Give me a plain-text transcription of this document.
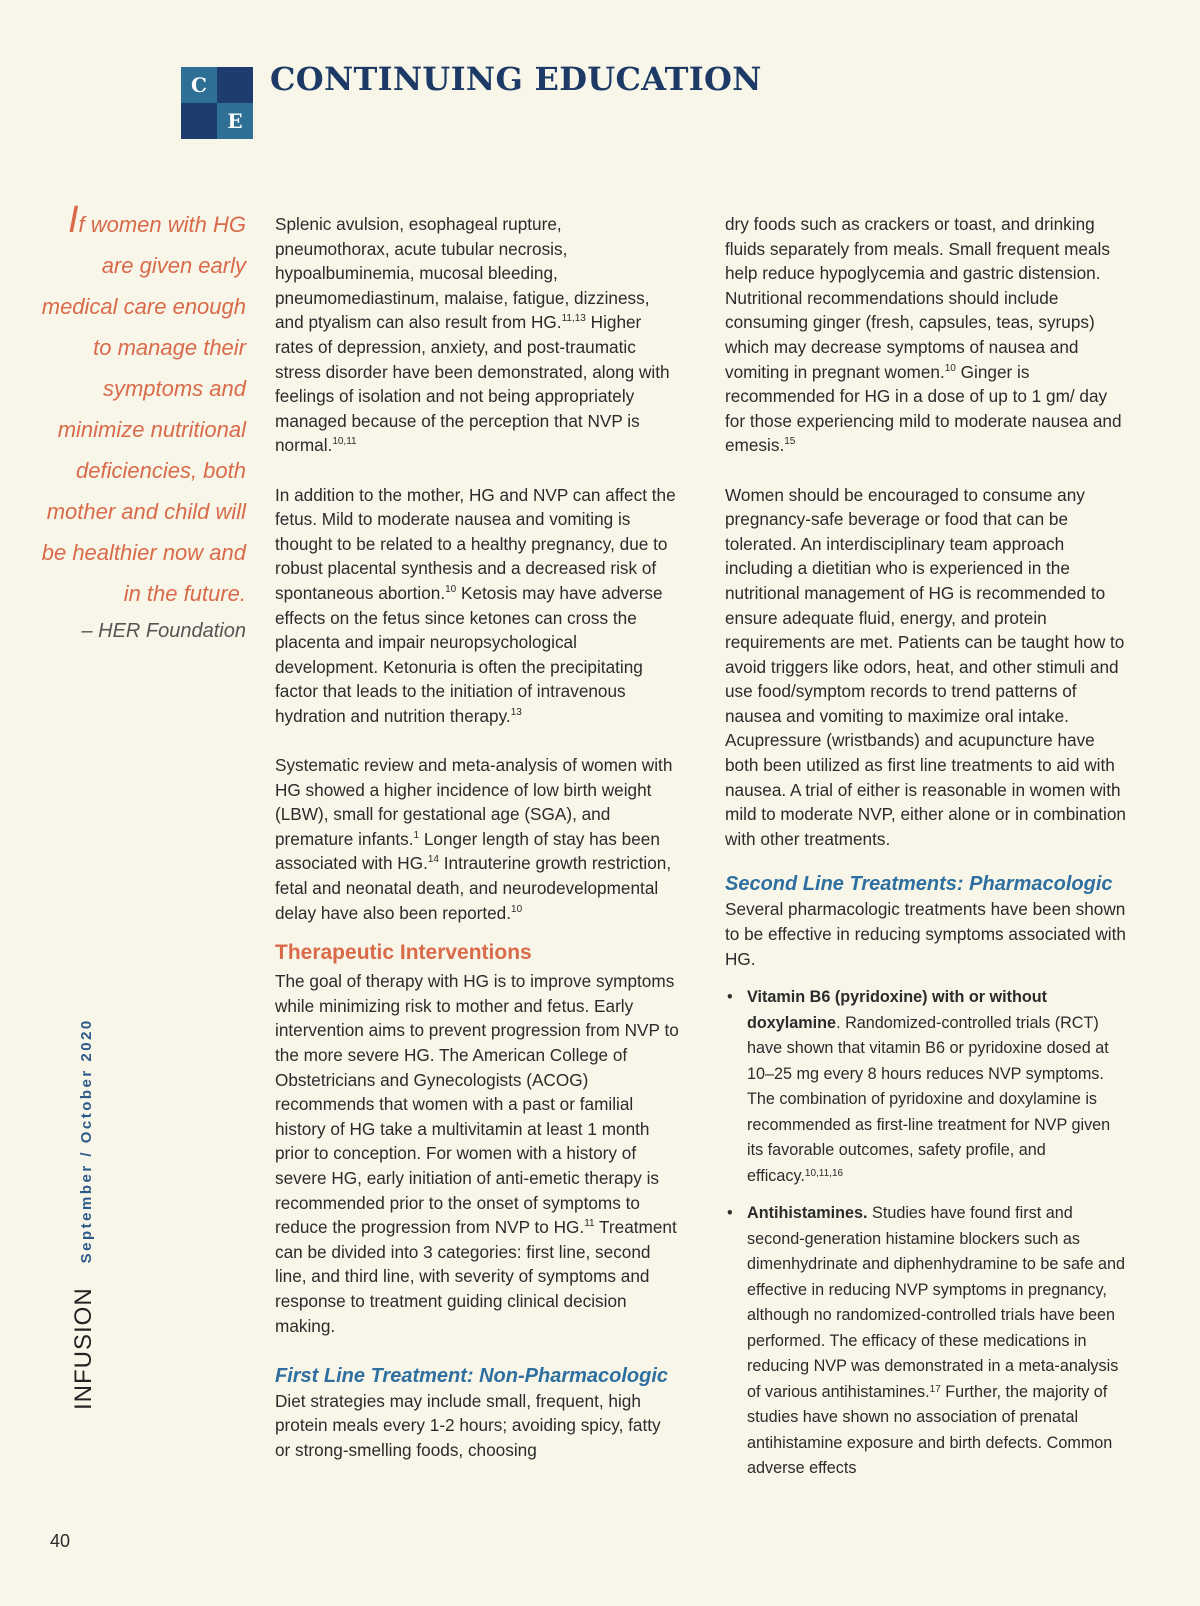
C
E
CONTINUING EDUCATION

If women with HG are given early medical care enough to manage their symptoms and minimize nutritional deficiencies, both mother and child will be healthier now and in the future.

– HER Foundation

Splenic avulsion, esophageal rupture, pneumothorax, acute tubular necrosis, hypoalbuminemia, mucosal bleeding, pneumomediastinum, malaise, fatigue, dizziness, and ptyalism can also result from HG.$^{11,13}$ Higher rates of depression, anxiety, and post-traumatic stress disorder have been demonstrated, along with feelings of isolation and not being appropriately managed because of the perception that NVP is normal.$^{10,11}$

In addition to the mother, HG and NVP can affect the fetus. Mild to moderate nausea and vomiting is thought to be related to a healthy pregnancy, due to robust placental synthesis and a decreased risk of spontaneous abortion.$^{10}$ Ketosis may have adverse effects on the fetus since ketones can cross the placenta and impair neuropsychological development. Ketonuria is often the precipitating factor that leads to the initiation of intravenous hydration and nutrition therapy.$^{13}$

Systematic review and meta-analysis of women with HG showed a higher incidence of low birth weight (LBW), small for gestational age (SGA), and premature infants.$^1$ Longer length of stay has been associated with HG.$^{14}$ Intrauterine growth restriction, fetal and neonatal death, and neurodevelopmental delay have also been reported.$^{10}$

Therapeutic Interventions

The goal of therapy with HG is to improve symptoms while minimizing risk to mother and fetus. Early intervention aims to prevent progression from NVP to the more severe HG. The American College of Obstetricians and Gynecologists (ACOG) recommends that women with a past or familial history of HG take a multivitamin at least 1 month prior to conception. For women with a history of severe HG, early initiation of anti-emetic therapy is recommended prior to the onset of symptoms to reduce the progression from NVP to HG.$^{11}$ Treatment can be divided into 3 categories: first line, second line, and third line, with severity of symptoms and response to treatment guiding clinical decision making.

First Line Treatment: Non-Pharmacologic

Diet strategies may include small, frequent, high protein meals every 1-2 hours; avoiding spicy, fatty or strong-smelling foods, choosing

dry foods such as crackers or toast, and drinking fluids separately from meals. Small frequent meals help reduce hypoglycemia and gastric distension. Nutritional recommendations should include consuming ginger (fresh, capsules, teas, syrups) which may decrease symptoms of nausea and vomiting in pregnant women.$^{10}$ Ginger is recommended for HG in a dose of up to 1 gm/ day for those experiencing mild to moderate nausea and emesis.$^{15}$

Women should be encouraged to consume any pregnancy-safe beverage or food that can be tolerated. An interdisciplinary team approach including a dietitian who is experienced in the nutritional management of HG is recommended to ensure adequate fluid, energy, and protein requirements are met. Patients can be taught how to avoid triggers like odors, heat, and other stimuli and use food/symptom records to trend patterns of nausea and vomiting to maximize oral intake. Acupressure (wristbands) and acupuncture have both been utilized as first line treatments to aid with nausea. A trial of either is reasonable in women with mild to moderate NVP, either alone or in combination with other treatments.

Second Line Treatments: Pharmacologic

Several pharmacologic treatments have been shown to be effective in reducing symptoms associated with HG.

• Vitamin B6 (pyridoxine) with or without doxylamine. Randomized-controlled trials (RCT) have shown that vitamin B6 or pyridoxine dosed at 10–25 mg every 8 hours reduces NVP symptoms. The combination of pyridoxine and doxylamine is recommended as first-line treatment for NVP given its favorable outcomes, safety profile, and efficacy.$^{10,11,16}$
• Antihistamines. Studies have found first and second-generation histamine blockers such as dimenhydrinate and diphenhydramine to be safe and effective in reducing NVP symptoms in pregnancy, although no randomized-controlled trials have been performed. The efficacy of these medications in reducing NVP was demonstrated in a meta-analysis of various antihistamines.$^{17}$ Further, the majority of studies have shown no association of prenatal antihistamine exposure and birth defects. Common adverse effects
INFUSION
September / October 2020
40
